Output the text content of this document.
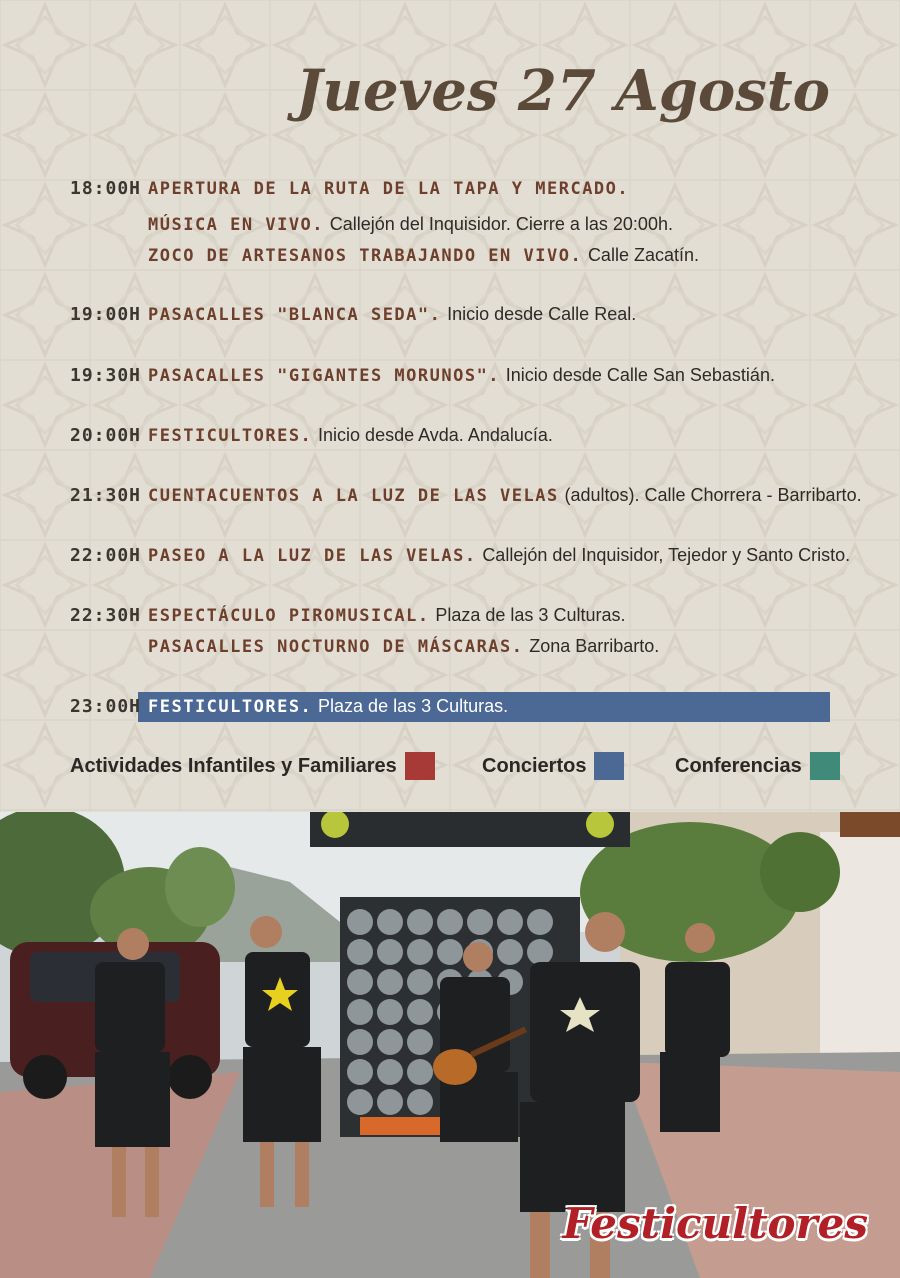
Jueves 27 Agosto
18:00H APERTURA DE LA RUTA DE LA TAPA Y MERCADO.
MÚSICA EN VIVO. Callejón del Inquisidor. Cierre a las 20:00h.
ZOCO DE ARTESANOS TRABAJANDO EN VIVO. Calle Zacatín.
19:00H PASACALLES "BLANCA SEDA". Inicio desde Calle Real.
19:30H PASACALLES "GIGANTES MORUNOS". Inicio desde Calle San Sebastián.
20:00H FESTICULTORES. Inicio desde Avda. Andalucía.
21:30H CUENTACUENTOS A LA LUZ DE LAS VELAS (adultos). Calle Chorrera - Barribarto.
22:00H PASEO A LA LUZ DE LAS VELAS. Callejón del Inquisidor, Tejedor y Santo Cristo.
22:30H ESPECTÁCULO PIROMUSICAL. Plaza de las 3 Culturas.
PASACALLES NOCTURNO DE MÁSCARAS. Zona Barribarto.
23:00H FESTICULTORES. Plaza de las 3 Culturas.
Actividades Infantiles y Familiares	Conciertos	Conferencias
Festicultores
